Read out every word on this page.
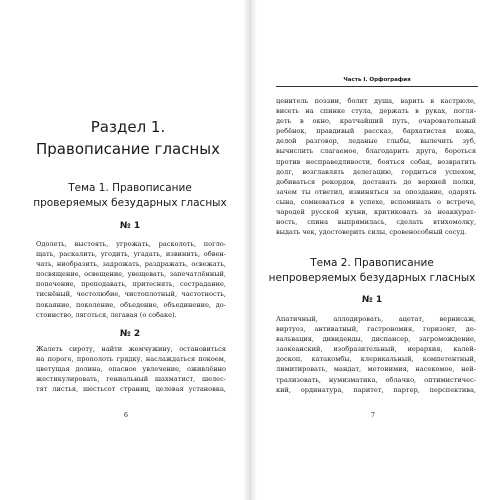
Раздел 1.
Правописание гласных
Тема 1. Правописание
проверяемых безударных гласных
№ 1
Одолеть, выстоять, угрожать, расколоть, поглo-
щать, раскалить, угодить, угадать, извинить, обвен-
чать, ниобразить, задрожать, раздражать, освежать,
посвящение, освещение, увещевать, запечатлённый,
попечение, преподавать, притеснять, сострадание,
тиснёный, честолюбие, чистоплотный, частотность,
покаяние, поколение, объедение, объединение, до-
стоинство, ляготься, легавая (о собаке).
№ 2
Жалеть сироту, найти жемчужину, остановиться
на пороге, прополоть грядку, наслаждаться покоем,
цветущая долина, опасное увлечение, оживлённо
жестикулировать, гениальный шахматист, шелес-
тят листья, шестьсот страниц, целевая установка,
6
Часть I. Орфография
ценитель поэзии, болит душа, варить в кастрюле,
висеть на спинке стула, держать в руках, погля-
деть в окно, кратчайший путь, очаровательный
ребёнок, правдивый рассказ, бархатистая кожа,
делой разговор, леданые глыбы, вылечить зуб,
вычислить слагаемое, благодарить друга, бороться
против несправедливости, бояться собак, возвратить
долг, возглавлять делегацию, гордиться успехом,
добиваться рекордов, доставать до верхней полки,
зачем ты ответил, извиняться за опоздание, одарять
сына, сомневаться в успехе, вспоминать о встрече,
чародей русской кухни, критиковать за неаккурат-
ность, спина выпрямилась, сделать втихомолку,
выдать чек, удостоверить силы, сровенособный сосуд.
Тема 2. Правописание
непроверяемых безударных гласных
№ 1
Апатичный, аллодировать, ацетат, вернисаж,
виртуоз, антиватный, гастрономия, горизонт, де-
вальвация, дивиденды, диспансер, загромождение,
заокеанский, изобразительный, иерархия, калей-
доскоп, катакомбы, клерикальный, компетентный,
лимитировать, мандат, метонимия, насекомое, ней-
трализовать, нумизматика, облачко, оптимистичес-
кий, ординатура, паритет, партер, перспектива,
7
